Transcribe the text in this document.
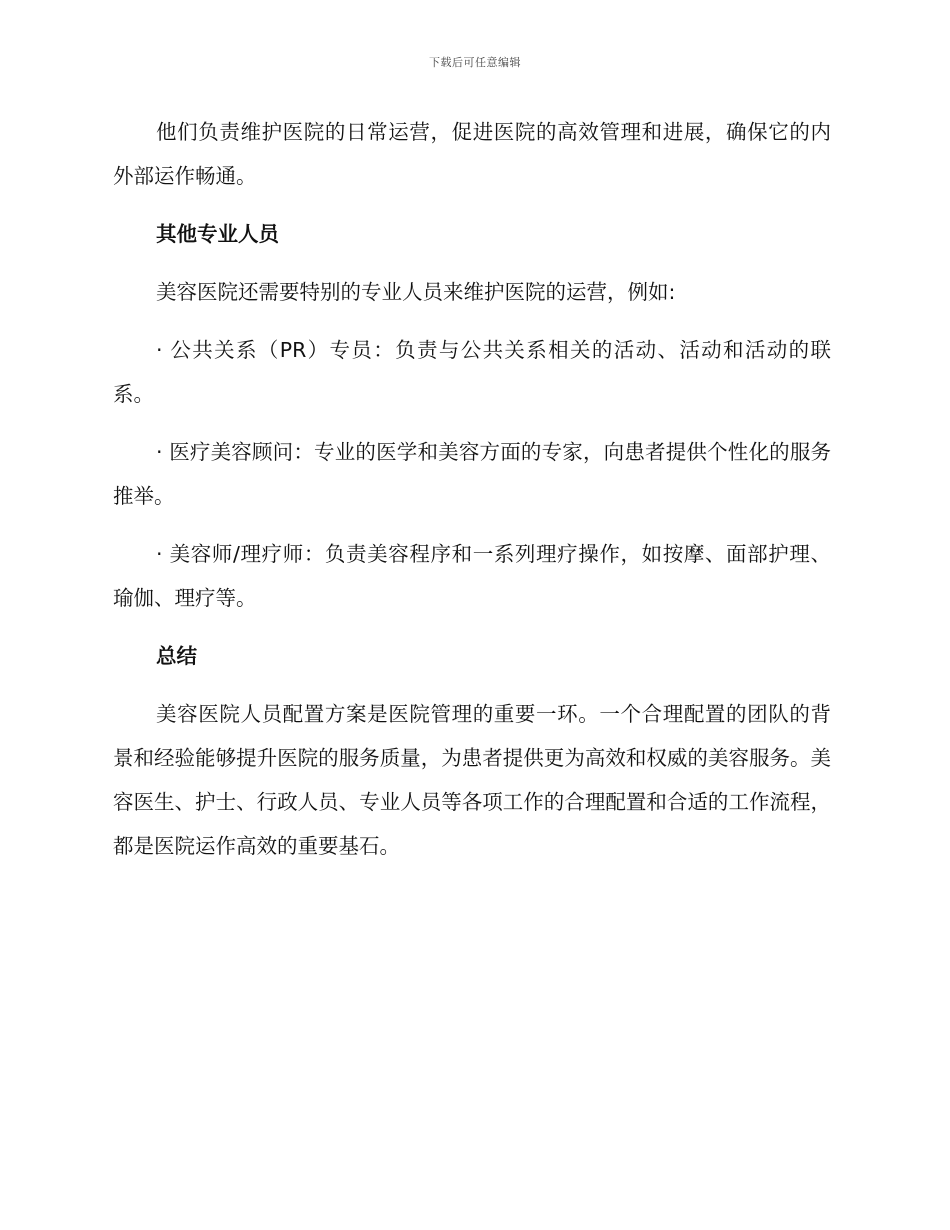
下载后可任意编辑

他们负责维护医院的日常运营，促进医院的高效管理和进展，确保它的内外部运作畅通。

其他专业人员

美容医院还需要特别的专业人员来维护医院的运营，例如:

· 公共关系（PR）专员：负责与公共关系相关的活动、活动和活动的联系。

· 医疗美容顾问：专业的医学和美容方面的专家，向患者提供个性化的服务推举。

· 美容师/理疗师：负责美容程序和一系列理疗操作，如按摩、面部护理、瑜伽、理疗等。

总结

美容医院人员配置方案是医院管理的重要一环。一个合理配置的团队的背景和经验能够提升医院的服务质量，为患者提供更为高效和权威的美容服务。美容医生、护士、行政人员、专业人员等各项工作的合理配置和合适的工作流程，都是医院运作高效的重要基石。
